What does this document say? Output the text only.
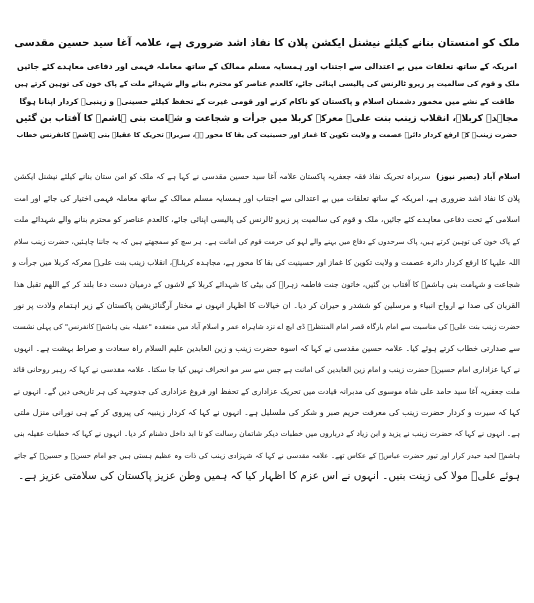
ملک کو امنستان بنانے کیلئے نیشنل ایکشن پلان کا نفاذ اشد ضروری ہے، علامہ آغا سید حسین مقدسی

امریکہ کے ساتھ تعلقات میں بے اعتدالی سے اجتناب اور ہمسایہ مسلم ممالک کے ساتھ معاملہ فہمی اور دفاعی معاہدے کئے جائیں

ملک و قوم کی سالمیت پر زیرو ٹالرنس کی پالیسی اپنائی جائے، کالعدم عناصر کو محترم بنانے والے شہدائے ملت کے پاک خون کی توہین کرتے ہیں

طاقت کے نشے میں مخمور دشمنان اسلام و پاکستان کو ناکام کرنے اور قومی غیرت کے تحفظ کیلئے حسینیؑ و زینبیؑ کردار اپنانا ہوگا

مجاہدہ کربلاؑ، انقلاب زینب بنت علیؑ معرکہ کربلا میں جرأت و شجاعت و شہامت بنی ہاشمؑ کا آفتاب بن گئیں

حضرت زینبؑ کے ارفع کردار دائرہ عصمت و ولایت تکوین کا غماز اور حسینیت کی بقا کا محور ہے، سربراہ تحریک کا عقیلہ بنی ہاشمؑ کانفرنس خطاب

اسلام آباد (بصیر نیوز)  سربراہ تحریک نفاذ فقہ جعفریہ پاکستان علامہ آغا سید حسین مقدسی نے کہا ہے کہ ملک کو امن ستان بنانے کیلئے نیشنل ایکشن

پلان کا نفاذ اشد ضروری ہے، امریکہ کے ساتھ تعلقات میں بے اعتدالی سے اجتناب اور ہمسایہ مسلم ممالک کے ساتھ معاملہ فہمی اختیار کی جائے اور امت

اسلامی کے تحت دفاعی معاہدے کئے جائیں، ملک و قوم کی سالمیت پر زیرو ٹالرنس کی پالیسی اپنائی جائے، کالعدم عناصر کو محترم بنانے والے شہدائے ملت

کے پاک خون کی توہین کرتے ہیں، پاک سرحدوں کے دفاع میں بہنے والے لہو کی حرمت قوم کی امانت ہے۔ ہر سچ کو سمجھتے ہیں کہ یہ جاننا چاہئیں، حضرت زینب سلام

اللہ علیہا کا ارفع کردار دائرہ عصمت و ولایت تکوین کا غماز اور حسینیت کی بقا کا محور ہے، مجاہدہ کربلاؑ، انقلاب زینب بنت علیؑ معرکہ کربلا میں جرأت و

شجاعت و شہامت بنی ہاشمؑ کا آفتاب بن گئیں، خاتون جنت فاطمہ زہراؑ کی بیٹی کا شہدائے کربلا کے لاشوں کے درمیان دست دعا بلند کر کے اللھم تقبل ھذا

القربان کی صدا نے ارواح انبیاء و مرسلین کو ششدر و حیران کر دیا۔ ان خیالات کا اظہار انہوں نے مختار آرگنائزیشن پاکستان کے زیر اہتمام ولادت پر نور

حضرت زینب بنت علیؑ کی مناسبت سے امام بارگاہ قصر امام المنتظرؑ ڈی ایچ اے نزد شاہراہ عمر و اسلام آباد میں منعقدہ "عقیلہ بنی ہاشمؑ کانفرنس" کی پہلی نشست

سے صدارتی خطاب کرتے ہوئے کیا۔ علامہ حسین مقدسی نے کہا کہ اسوہ حضرت زینب و زین العابدین علیم السلام راہ سعادت و صراط بہشت ہے۔ انہوں

نے کہا عزاداری امام حسینؑ حضرت زینب و امام زین العابدین کی امانت ہے جس سے سر مو انحراف نہیں کیا جا سکتا۔ علامہ مقدسی نے کہا کہ رہبر روحانی قائد

ملت جعفریہ آغا سید حامد علی شاہ موسوی کی مدبرانہ قیادت میں تحریک عزاداری کے تحفظ اور فروغ عزاداری کی جدوجہد کی ہر تاریخی دیں گے۔ انہوں نے

کہا کہ سیرت و کردار حضرت زینب کی معرفت حریم صبر و شکر کی ملسلیل ہے۔ انہوں نے کہا کہ کردار زینبیہ کی پیروی کر کے ہی نورانی منزل ملتی

ہے۔ انہوں نے کہا کہ حضرت زینب نے یزید و ابن زیاد کے درباروں میں خطبات دیکر شاتمان رسالت کو تا ابد داخل دشنام کر دیا۔ انہوں نے کہا کہ خطبات عقیلہ بنی

ہاشمؑ لحید حیدر کرار اور تیور حضرت عباسؑ کے عکاس تھے۔ علامہ مقدسی نے کہا کہ شہزادی زینب کی ذات وہ عظیم ہستی ہیں جو امام حسنؑ و حسینؑ کے جاتے

ہوئے علیؑ مولا کی زینت بنیں۔ انہوں نے اس عزم کا اظہار کیا کہ ہمیں وطن عزیز پاکستان کی سلامتی عزیز ہے۔
